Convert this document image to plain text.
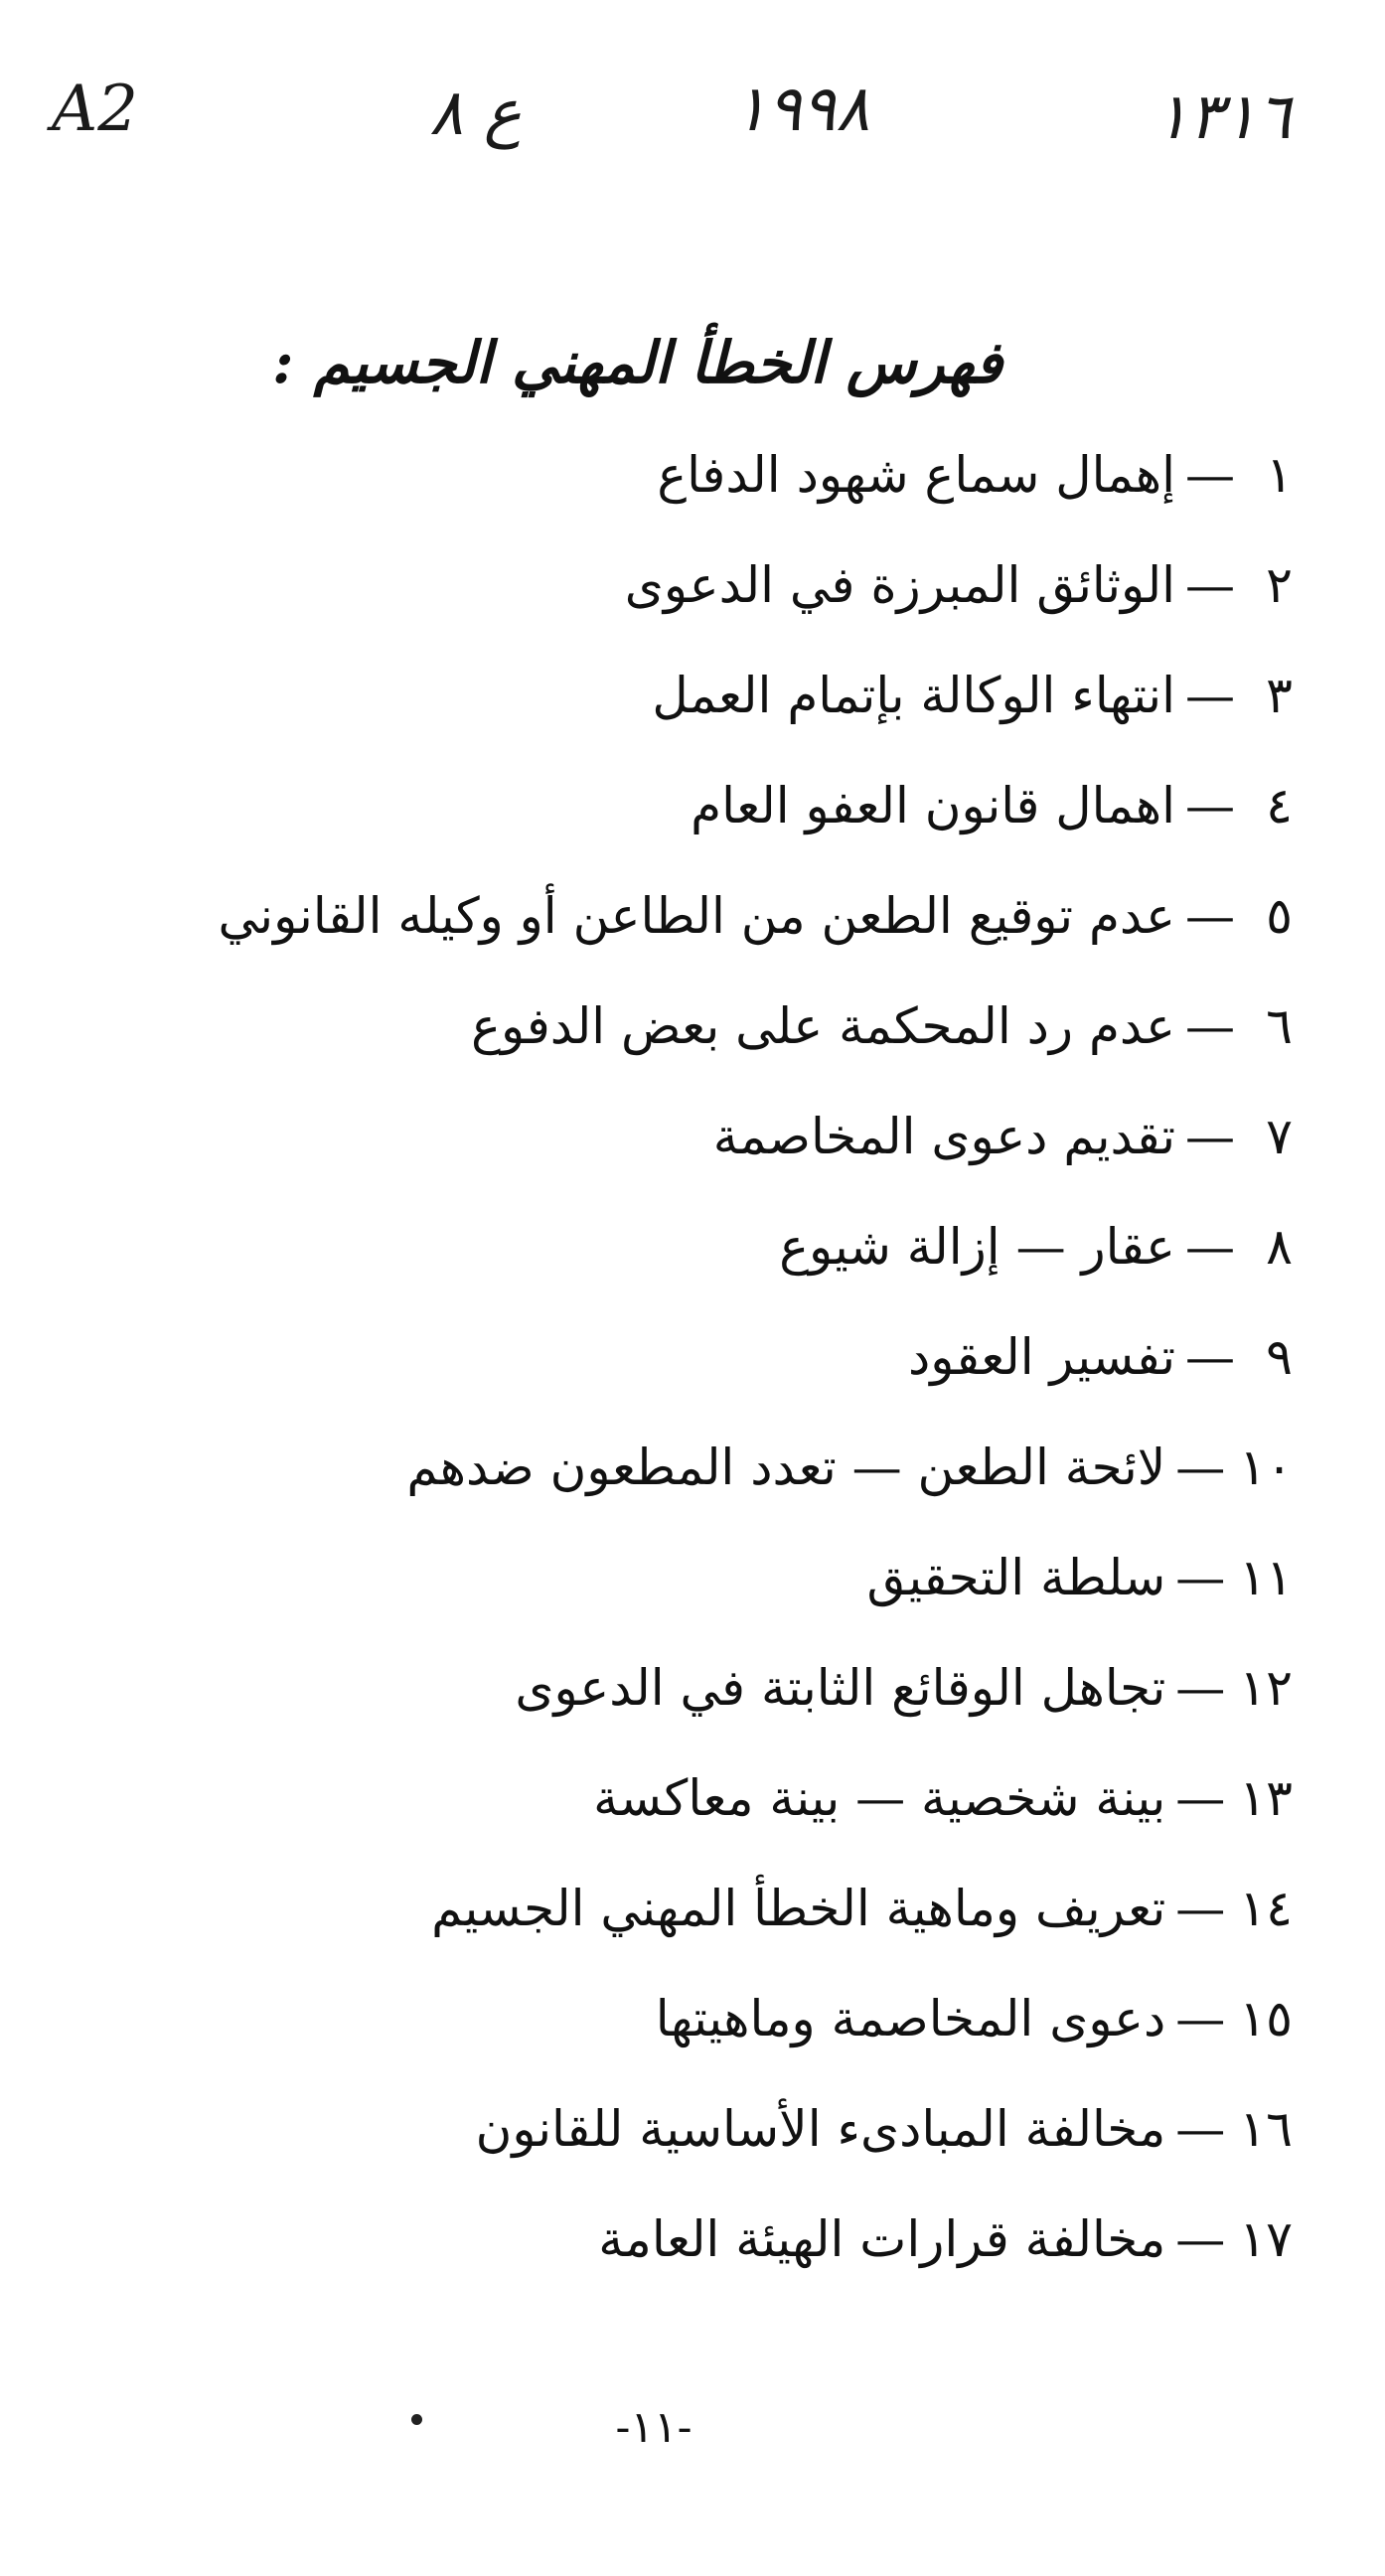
A2	ع ٨	١٩٩٨	١٣١٦
فهرس الخطأ المهني الجسيم :
١
—
إهمال سماع شهود الدفاع
٢
—
الوثائق المبرزة في الدعوى
٣
—
انتهاء الوكالة بإتمام العمل
٤
—
اهمال قانون العفو العام
٥
—
عدم توقيع الطعن من الطاعن أو وكيله القانوني
٦
—
عدم رد المحكمة على بعض الدفوع
٧
—
تقديم دعوى المخاصمة
٨
—
عقار — إزالة شيوع
٩
—
تفسير العقود
١٠
—
لائحة الطعن — تعدد المطعون ضدهم
١١
—
سلطة التحقيق
١٢
—
تجاهل الوقائع الثابتة في الدعوى
١٣
—
بينة شخصية — بينة معاكسة
١٤
—
تعريف وماهية الخطأ المهني الجسيم
١٥
—
دعوى المخاصمة وماهيتها
١٦
—
مخالفة المبادىء الأساسية للقانون
١٧
—
مخالفة قرارات الهيئة العامة
-١١-
